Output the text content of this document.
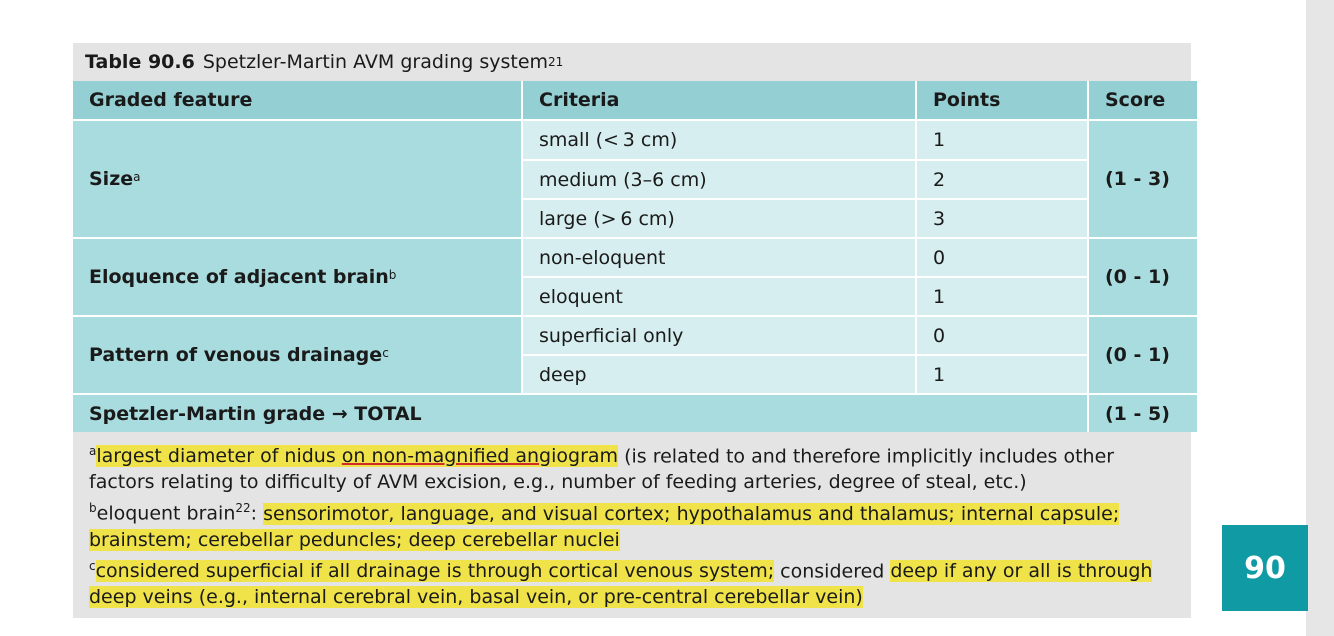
90
Table 90.6 Spetzler-Martin AVM grading system 21
Graded feature	Criteria	Points	Score
Size$^a$
small (< 3 cm)	1
medium (3–6 cm)	2
large (> 6 cm)	3
(1 - 3)
Eloquence of adjacent brain$^b$
non-eloquent	0
eloquent	1
(0 - 1)
Pattern of venous drainage$^c$
superficial only	0
deep	1
(0 - 1)
Spetzler-Martin grade → TOTAL	(1 - 5)

$^a$largest diameter of nidus on non-magnified angiogram (is related to and therefore implicitly includes other factors relating to difficulty of AVM excision, e.g., number of feeding arteries, degree of steal, etc.)

$^b$eloquent brain$^{22}$: sensorimotor, language, and visual cortex; hypothalamus and thalamus; internal capsule; brainstem; cerebellar peduncles; deep cerebellar nuclei

$^c$considered superficial if all drainage is through cortical venous system; considered deep if any or all is through deep veins (e.g., internal cerebral vein, basal vein, or pre-central cerebellar vein)
